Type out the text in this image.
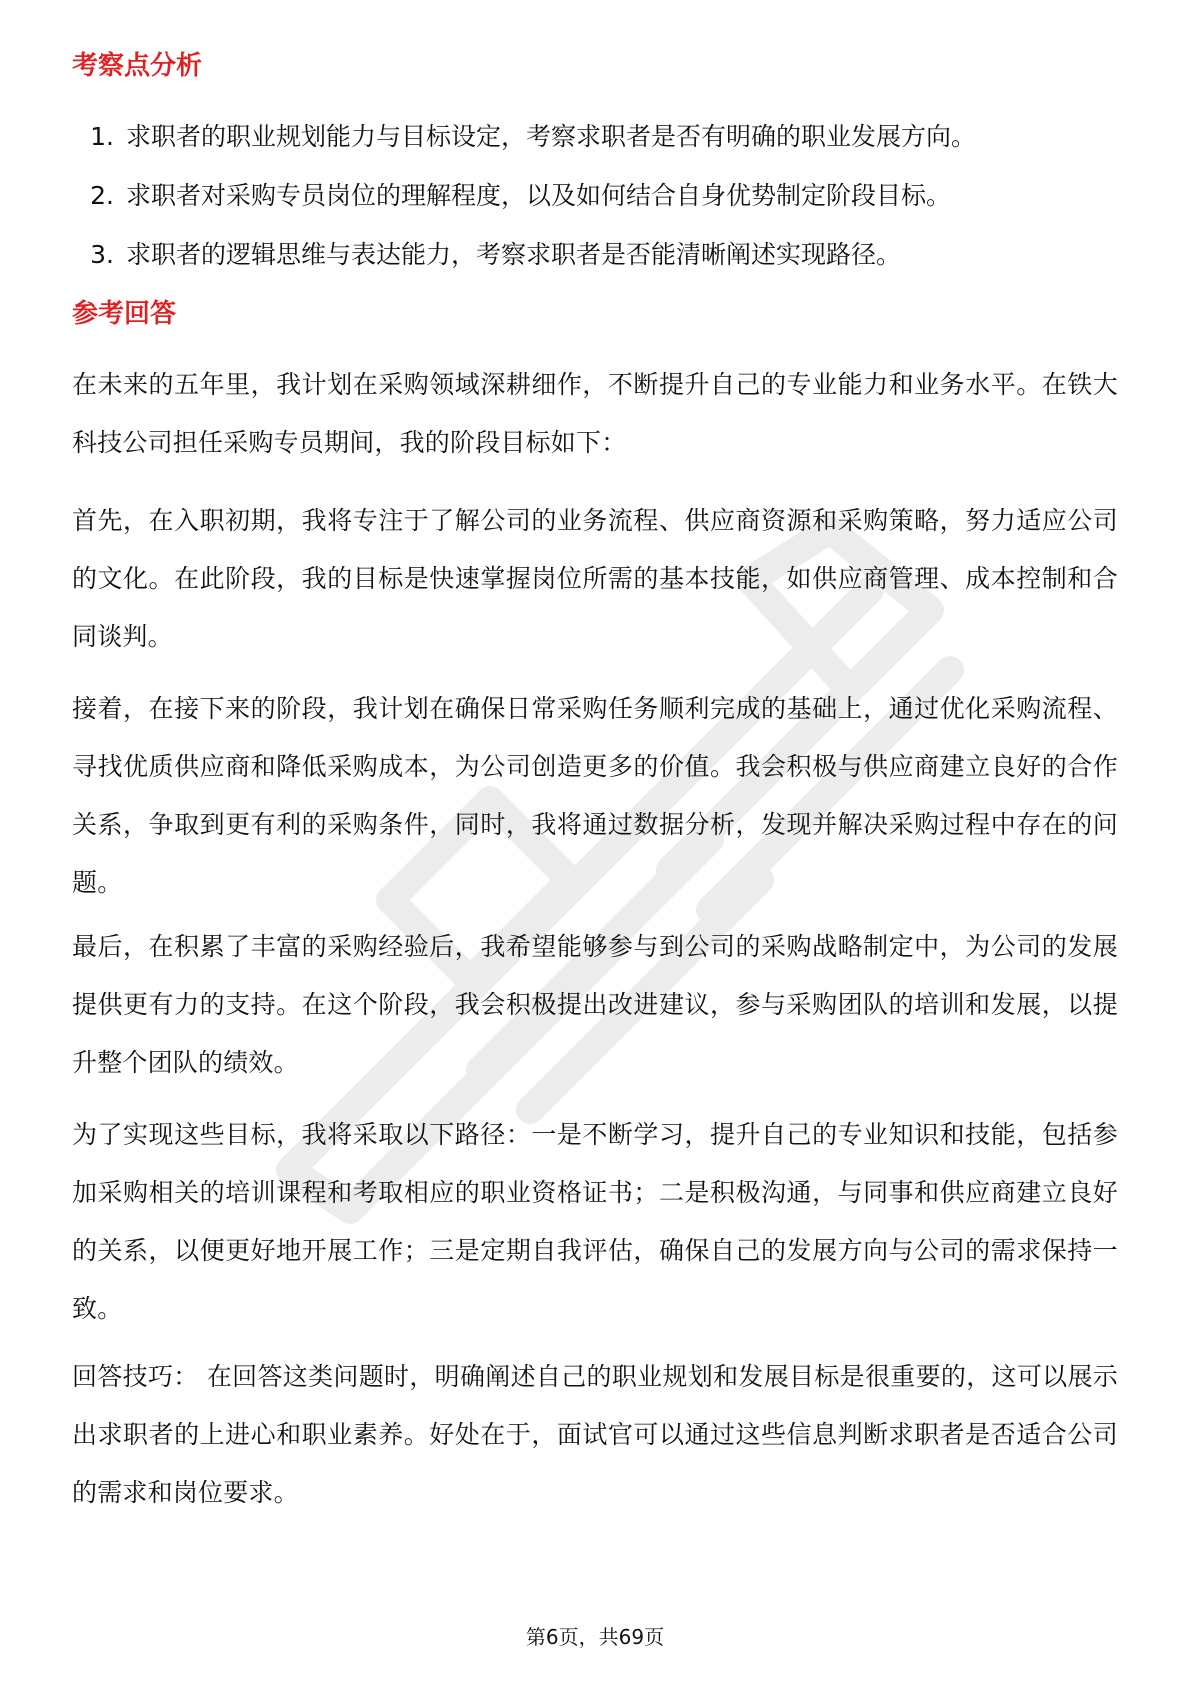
考察点分析
1. 求职者的职业规划能力与目标设定，考察求职者是否有明确的职业发展方向。
2. 求职者对采购专员岗位的理解程度，以及如何结合自身优势制定阶段目标。
3. 求职者的逻辑思维与表达能力，考察求职者是否能清晰阐述实现路径。
参考回答

在未来的五年里，我计划在采购领域深耕细作，不断提升自己的专业能力和业务水平。在铁大科技公司担任采购专员期间，我的阶段目标如下：

首先，在入职初期，我将专注于了解公司的业务流程、供应商资源和采购策略，努力适应公司的文化。在此阶段，我的目标是快速掌握岗位所需的基本技能，如供应商管理、成本控制和合同谈判。

接着，在接下来的阶段，我计划在确保日常采购任务顺利完成的基础上，通过优化采购流程、寻找优质供应商和降低采购成本，为公司创造更多的价值。我会积极与供应商建立良好的合作关系，争取到更有利的采购条件，同时，我将通过数据分析，发现并解决采购过程中存在的问题。

最后，在积累了丰富的采购经验后，我希望能够参与到公司的采购战略制定中，为公司的发展提供更有力的支持。在这个阶段，我会积极提出改进建议，参与采购团队的培训和发展，以提升整个团队的绩效。

为了实现这些目标，我将采取以下路径：一是不断学习，提升自己的专业知识和技能，包括参加采购相关的培训课程和考取相应的职业资格证书；二是积极沟通，与同事和供应商建立良好的关系，以便更好地开展工作；三是定期自我评估，确保自己的发展方向与公司的需求保持一致。

回答技巧： 在回答这类问题时，明确阐述自己的职业规划和发展目标是很重要的，这可以展示出求职者的上进心和职业素养。好处在于，面试官可以通过这些信息判断求职者是否适合公司的需求和岗位要求。

第6页，共69页
